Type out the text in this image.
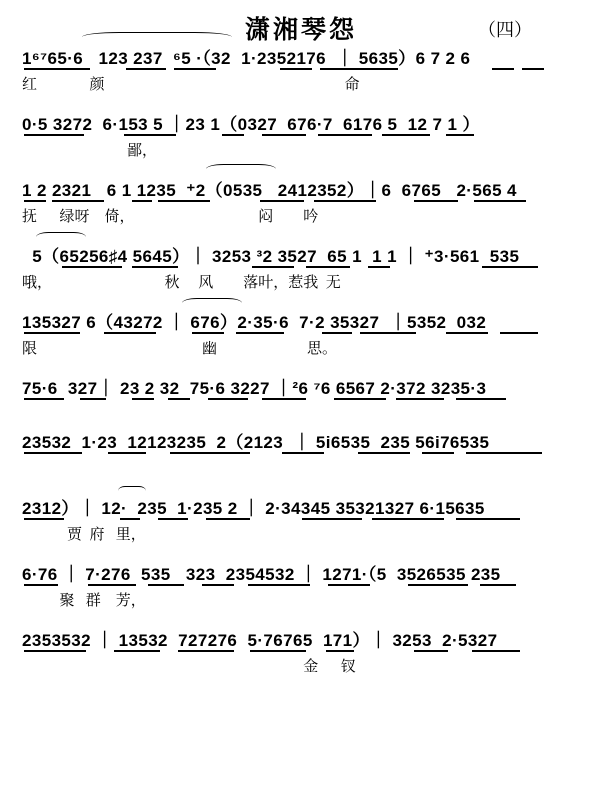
潇湘琴怨	（四）
1⁶⁷65·6   123 237  ⁶5 ·（32  1·2352176  ｜ 5635）6 7 2 6
红              颜                                                                命
0·5 3272  6·153 5 ｜23 1（0327  676·7  6176 5  12 7 1 ）
鄙，
1 2 2321   6 1 1235  ⁺2（0535   2412352）｜6  6765   2·565 4
抚      绿呀    倚，                                 闷        吟
5（65256♯4 5645）｜ 3253 ³2 3527  65 1  1 1 ｜ ⁺3·561  535
哦，                              秋     风        落叶，惹我  无
135327 6（43272 ｜ 676）2·35·6  7·2 35327  ｜5352  032
限                                            幽                        思。
75·6  327｜ 23 2 32  75·6 3227 ｜²6 ⁷6 6567 2·372 3235·3
23532  1·23  12123235  2（2123  ｜ 5i6535  235 56i76535
2312）｜ 12·  235  1·235 2 ｜ 2·34345 35321327 6·15635
贾  府   里，
6·76 ｜ 7·276  535   323  2354532 ｜ 1271·（5  3526535 235
聚   群    芳，
2353532 ｜ 13532  727276  5·76765  171）｜ 3253  2·5327
金      钗
